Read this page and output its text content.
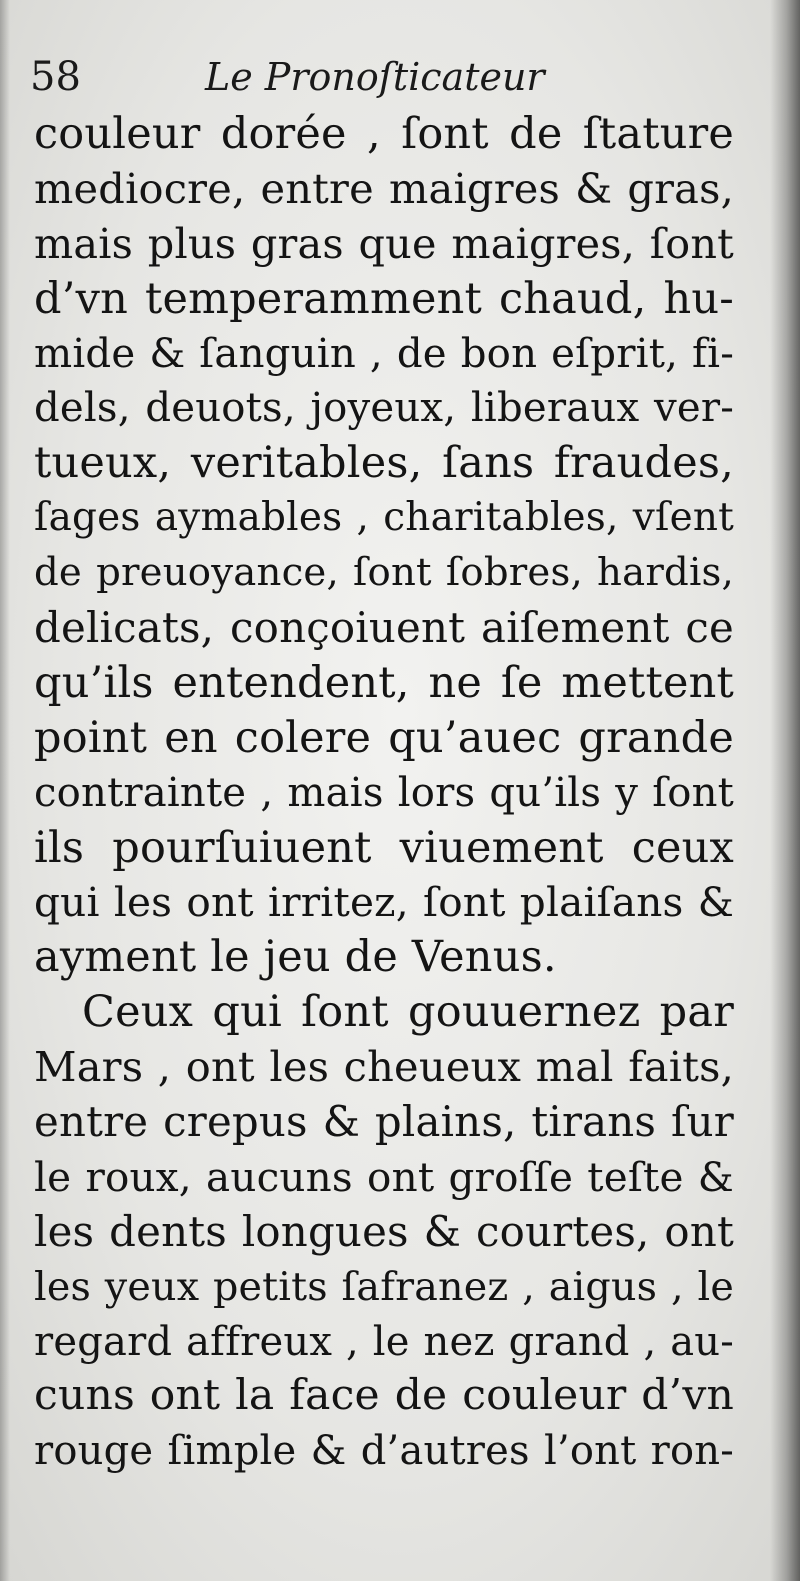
58	Le Pronoſticateur
couleur dorée , ſont de ſtature
mediocre, entre maigres & gras,
mais plus gras que maigres, ſont
d’vn temperamment chaud, hu-
mide & ſanguin , de bon eſprit, fi-
dels, deuots, joyeux, liberaux ver-
tueux, veritables, ſans fraudes,
ſages aymables , charitables, vſent
de preuoyance, ſont ſobres, hardis,
delicats, conçoiuent aiſement ce
qu’ils entendent, ne ſe mettent
point en colere qu’auec grande
contrainte , mais lors qu’ils y ſont
ils pourſuiuent viuement ceux
qui les ont irritez, ſont plaiſans &
ayment le jeu de Venus.
Ceux qui ſont gouuernez par
Mars , ont les cheueux mal faits,
entre crepus & plains, tirans ſur
le roux, aucuns ont groſſe teſte &
les dents longues & courtes, ont
les yeux petits ſafranez , aigus , le
regard affreux , le nez grand , au-
cuns ont la face de couleur d’vn
rouge ſimple & d’autres l’ont ron-
